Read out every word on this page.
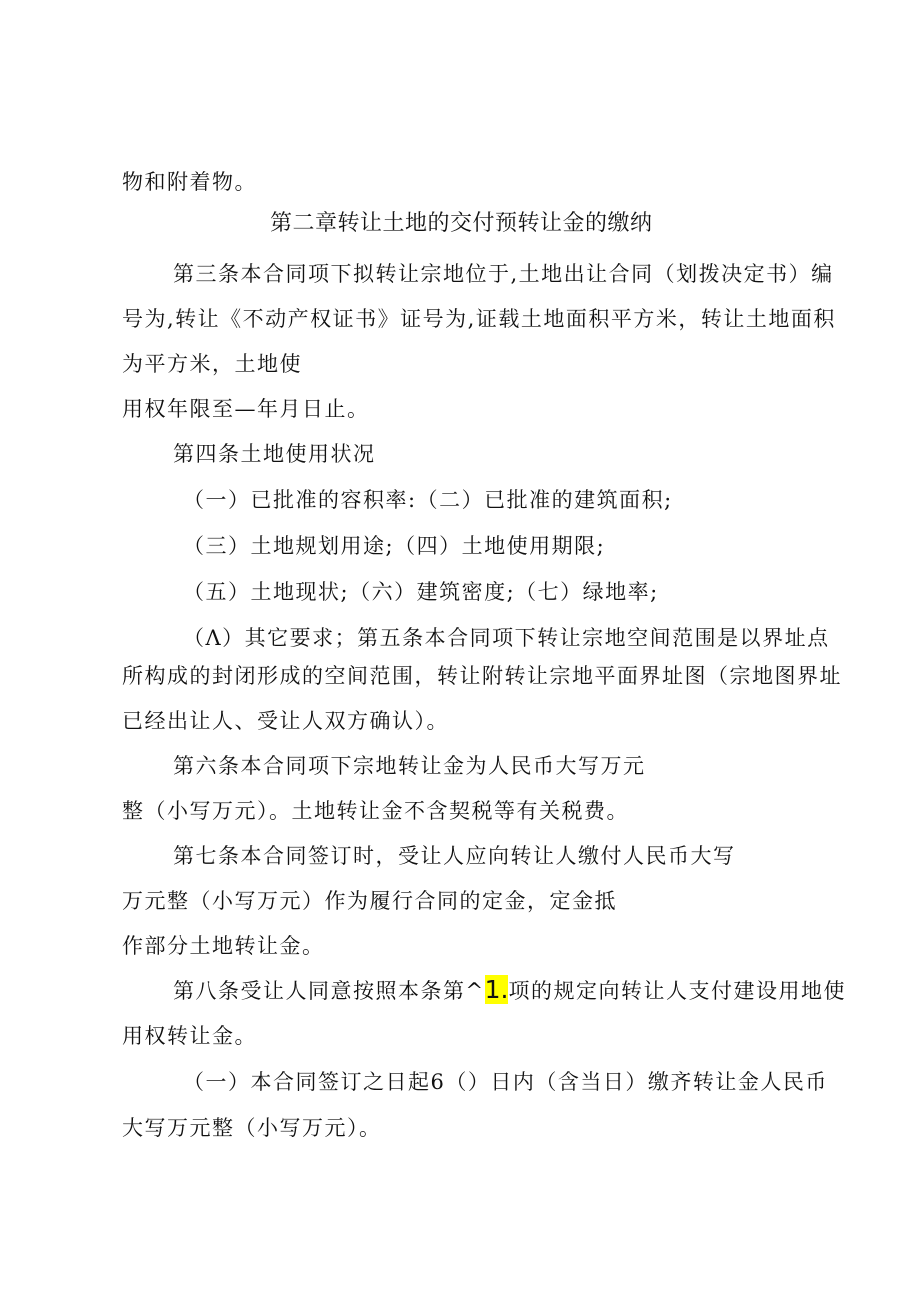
物和附着物。

第二章转让土地的交付预转让金的缴纳

第三条本合同项下拟转让宗地位于,土地出让合同（划拨决定书）编

号为,转让《不动产权证书》证号为,证载土地面积平方米，转让土地面积

为平方米，土地使

用权年限至—年月日止。

第四条土地使用状况

（一）已批准的容积率:（二）已批准的建筑面积;

（三）土地规划用途;（四）土地使用期限;

（五）土地现状;（六）建筑密度;（七）绿地率;

（Λ）其它要求；第五条本合同项下转让宗地空间范围是以界址点

所构成的封闭形成的空间范围，转让附转让宗地平面界址图（宗地图界址

已经出让人、受让人双方确认）。

第六条本合同项下宗地转让金为人民币大写万元

整（小写万元）。土地转让金不含契税等有关税费。

第七条本合同签订时，受让人应向转让人缴付人民币大写

万元整（小写万元）作为履行合同的定金，定金抵

作部分土地转让金。

第八条受让人同意按照本条第^1.项的规定向转让人支付建设用地使

用权转让金。

（一）本合同签订之日起6（）日内（含当日）缴齐转让金人民币

大写万元整（小写万元）。
